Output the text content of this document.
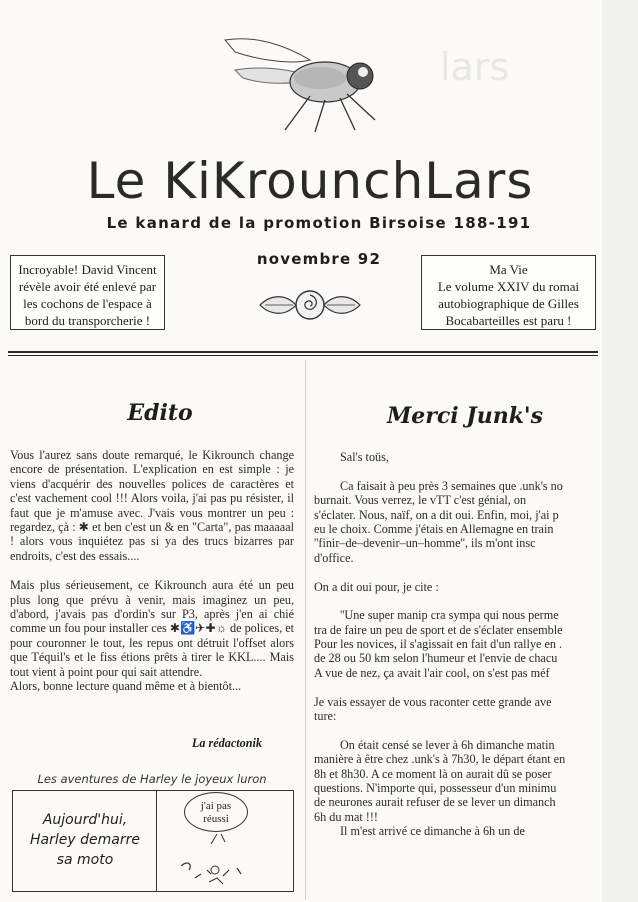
lars
Le KiKrounchLars
Le kanard de la promotion Birsoise 188-191
Incroyable! David Vincent
révèle avoir été enlevé par
les cochons de l'espace à
bord du transporcherie !
novembre 92
Ma Vie
Le volume XXIV du romai
autobiographique de Gilles
Bocabarteilles est paru !
Edito

Vous l'aurez sans doute remarqué, le Kikrounch change encore de présentation. L'explication en est simple : je viens d'acquérir des nouvelles polices de caractères et c'est vachement cool !!! Alors voila, j'ai pas pu résister, il faut que je m'amuse avec. J'vais vous montrer un peu : regardez, çà : ✱ et ben c'est un & en "Carta", pas maaaaal ! alors vous inquiétez pas si ya des trucs bizarres par endroits, c'est des essais....

Mais plus sérieusement, ce Kikrounch aura été un peu plus long que prévu à venir, mais imaginez un peu, d'abord, j'avais pas d'ordin's sur P3, après j'en ai chié comme un fou pour installer ces ✱♿✈✚☼ de polices, et pour couronner le tout, les repus ont détruit l'offset alors que Téquil's et le fiss étions prêts à tirer le KKL.... Mais tout vient à point pour qui sait attendre.

Alors, bonne lecture quand même et à bientôt...

La rédactonik
Merci Junk's
Sal's toüs,
Ca faisait à peu près 3 semaines que .unk's no
burnait. Vous verrez, le vTT c'est génial, on
s'éclater. Nous, naïf, on a dit oui. Enfin, moi, j'ai p
eu le choix. Comme j'étais en Allemagne en train
''finir–de–devenir–un–homme'', ils m'ont insc
d'office.
On a dit oui pour, je cite :
''Une super manip cra sympa qui nous perme
tra de faire un peu de sport et de s'éclater ensemble
Pour les novices, il s'agissait en fait d'un rallye en .
de 28 ou 50 km selon l'humeur et l'envie de chacu
A vue de nez, ça avait l'air cool, on s'est pas méf
Je vais essayer de vous raconter cette grande ave
ture:
On était censé se lever à 6h dimanche matin
manière à être chez .unk's à 7h30, le départ étant en
8h et 8h30. A ce moment là on aurait dû se poser
questions. N'importe qui, possesseur d'un minimu
de neurones aurait refuser de se lever un dimanch
6h du mat !!!
Il m'est arrivé ce dimanche à 6h un de
Les aventures de Harley le joyeux luron
Aujourd'hui,
Harley demarre
sa moto
j'ai pas
réussi
